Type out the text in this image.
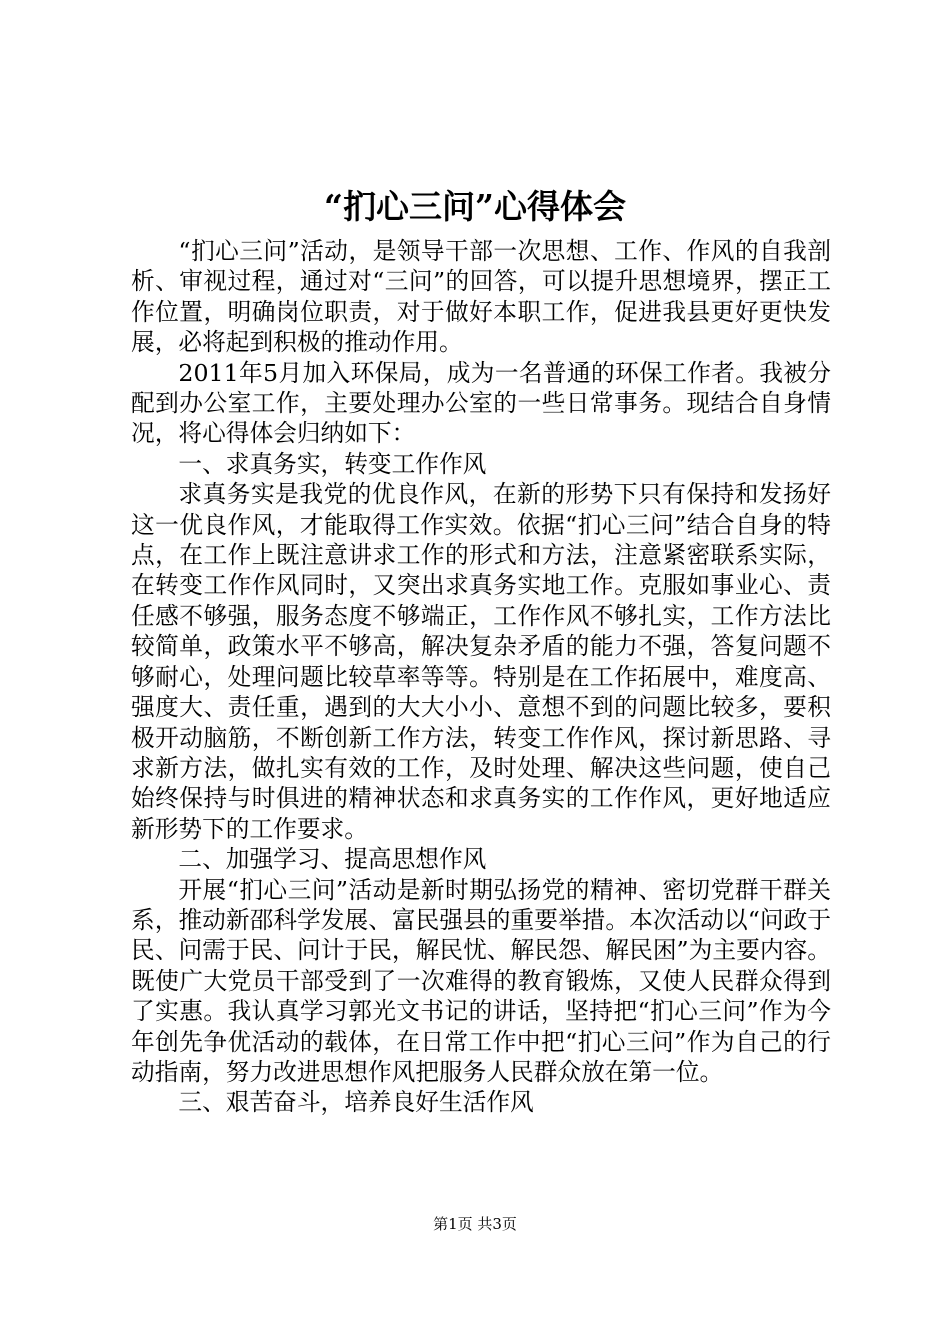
“扪心三问”心得体会

“扪心三问”活动，是领导干部一次思想、工作、作风的自我剖析、审视过程，通过对“三问”的回答，可以提升思想境界，摆正工作位置，明确岗位职责，对于做好本职工作，促进我县更好更快发展，必将起到积极的推动作用。

2011年5月加入环保局，成为一名普通的环保工作者。我被分配到办公室工作，主要处理办公室的一些日常事务。现结合自身情况，将心得体会归纳如下：

一、求真务实，转变工作作风

求真务实是我党的优良作风，在新的形势下只有保持和发扬好这一优良作风，才能取得工作实效。依据“扪心三问”结合自身的特点，在工作上既注意讲求工作的形式和方法，注意紧密联系实际，在转变工作作风同时，又突出求真务实地工作。克服如事业心、责任感不够强，服务态度不够端正，工作作风不够扎实，工作方法比较简单，政策水平不够高，解决复杂矛盾的能力不强，答复问题不够耐心，处理问题比较草率等等。特别是在工作拓展中，难度高、强度大、责任重，遇到的大大小小、意想不到的问题比较多，要积极开动脑筋，不断创新工作方法，转变工作作风，探讨新思路、寻求新方法，做扎实有效的工作，及时处理、解决这些问题，使自己始终保持与时俱进的精神状态和求真务实的工作作风，更好地适应新形势下的工作要求。

二、加强学习、提高思想作风

开展“扪心三问”活动是新时期弘扬党的精神、密切党群干群关系，推动新邵科学发展、富民强县的重要举措。本次活动以“问政于民、问需于民、问计于民，解民忧、解民怨、解民困”为主要内容。既使广大党员干部受到了一次难得的教育锻炼，又使人民群众得到了实惠。我认真学习郭光文书记的讲话，坚持把“扪心三问”作为今年创先争优活动的载体，在日常工作中把“扪心三问”作为自己的行动指南，努力改进思想作风把服务人民群众放在第一位。

三、艰苦奋斗，培养良好生活作风

第1页 共3页
